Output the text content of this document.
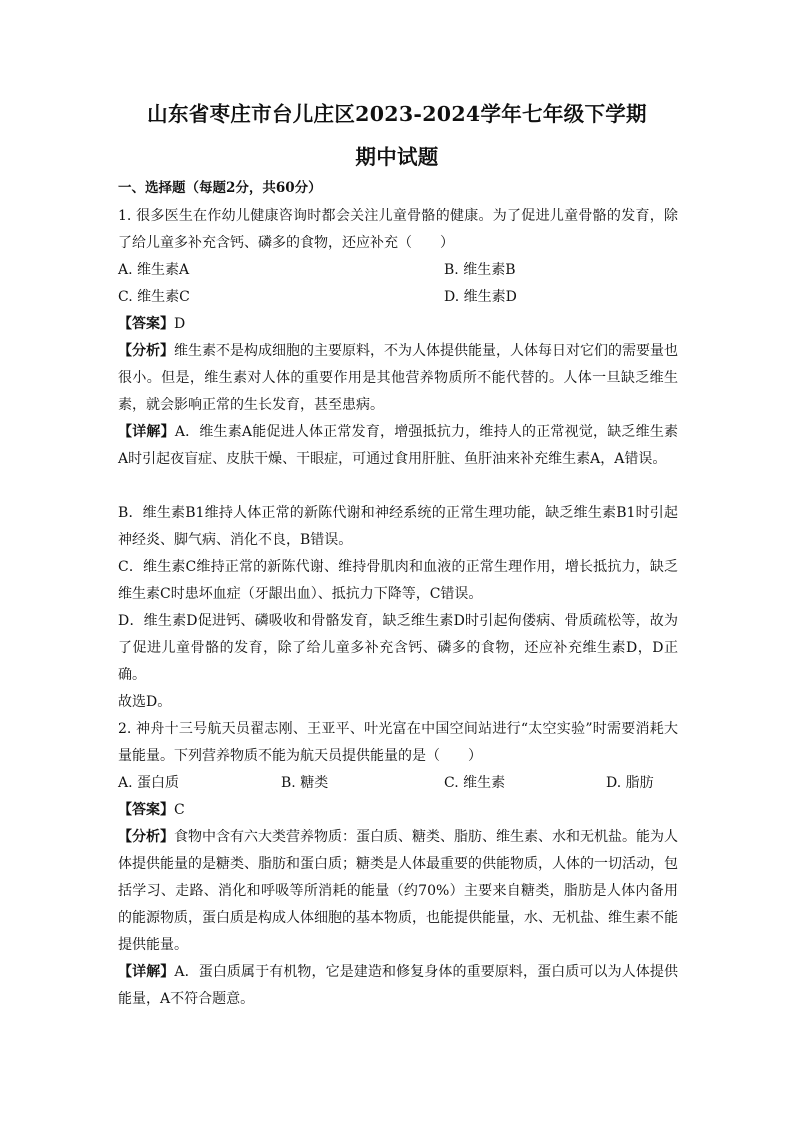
山东省枣庄市台儿庄区2023-2024学年七年级下学期
期中试题

一、选择题（每题2分，共60分）

1. 很多医生在作幼儿健康咨询时都会关注儿童骨骼的健康。为了促进儿童骨骼的发育，除了给儿童多补充含钙、磷多的食物，还应补充（　　）

A. 维生素A	B. 维生素B
C. 维生素C	D. 维生素D

【答案】D

【分析】维生素不是构成细胞的主要原料，不为人体提供能量，人体每日对它们的需要量也很小。但是，维生素对人体的重要作用是其他营养物质所不能代替的。人体一旦缺乏维生素，就会影响正常的生长发育，甚至患病。

【详解】A．维生素A能促进人体正常发育，增强抵抗力，维持人的正常视觉，缺乏维生素A时引起夜盲症、皮肤干燥、干眼症，可通过食用肝脏、鱼肝油来补充维生素A，A错误。

B．维生素B1维持人体正常的新陈代谢和神经系统的正常生理功能，缺乏维生素B1时引起神经炎、脚气病、消化不良，B错误。

C．维生素C维持正常的新陈代谢、维持骨肌肉和血液的正常生理作用，增长抵抗力，缺乏维生素C时患坏血症（牙龈出血）、抵抗力下降等，C错误。

D．维生素D促进钙、磷吸收和骨骼发育，缺乏维生素D时引起佝偻病、骨质疏松等，故为了促进儿童骨骼的发育，除了给儿童多补充含钙、磷多的食物，还应补充维生素D，D正确。

故选D。

2. 神舟十三号航天员翟志刚、王亚平、叶光富在中国空间站进行“太空实验”时需要消耗大量能量。下列营养物质不能为航天员提供能量的是（　　）

A. 蛋白质	B. 糖类	C. 维生素	D. 脂肪

【答案】C

【分析】食物中含有六大类营养物质：蛋白质、糖类、脂肪、维生素、水和无机盐。能为人体提供能量的是糖类、脂肪和蛋白质；糖类是人体最重要的供能物质，人体的一切活动，包括学习、走路、消化和呼吸等所消耗的能量（约70%）主要来自糖类，脂肪是人体内备用的能源物质，蛋白质是构成人体细胞的基本物质，也能提供能量，水、无机盐、维生素不能提供能量。

【详解】A．蛋白质属于有机物，它是建造和修复身体的重要原料，蛋白质可以为人体提供能量，A不符合题意。
